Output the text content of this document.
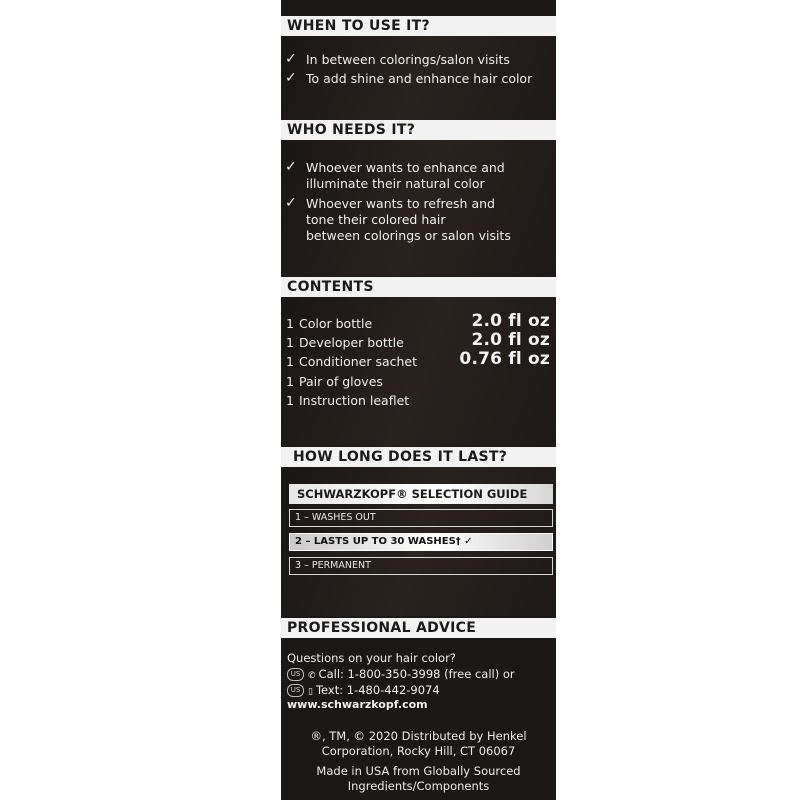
WHEN TO USE IT?
✓ In between colorings/salon visits
✓ To add shine and enhance hair color
WHO NEEDS IT?
✓ Whoever wants to enhance and
illuminate their natural color
✓ Whoever wants to refresh and
tone their colored hair
between colorings or salon visits
CONTENTS
1 Color bottle	2.0 fl oz
1 Developer bottle	2.0 fl oz
1 Conditioner sachet 0.76 fl oz
1 Pair of gloves
1 Instruction leaflet
HOW LONG DOES IT LAST?
SCHWARZKOPF® SELECTION GUIDE
1 – WASHES OUT
2 – LASTS UP TO 30 WASHES† ✓
3 – PERMANENT
PROFESSIONAL ADVICE
Questions on your hair color?
US ✆ Call: 1-800-350-3998 (free call) or
US ▯ Text: 1-480-442-9074
www.schwarzkopf.com
®, TM, © 2020 Distributed by Henkel
Corporation, Rocky Hill, CT 06067
Made in USA from Globally Sourced
Ingredients/Components
